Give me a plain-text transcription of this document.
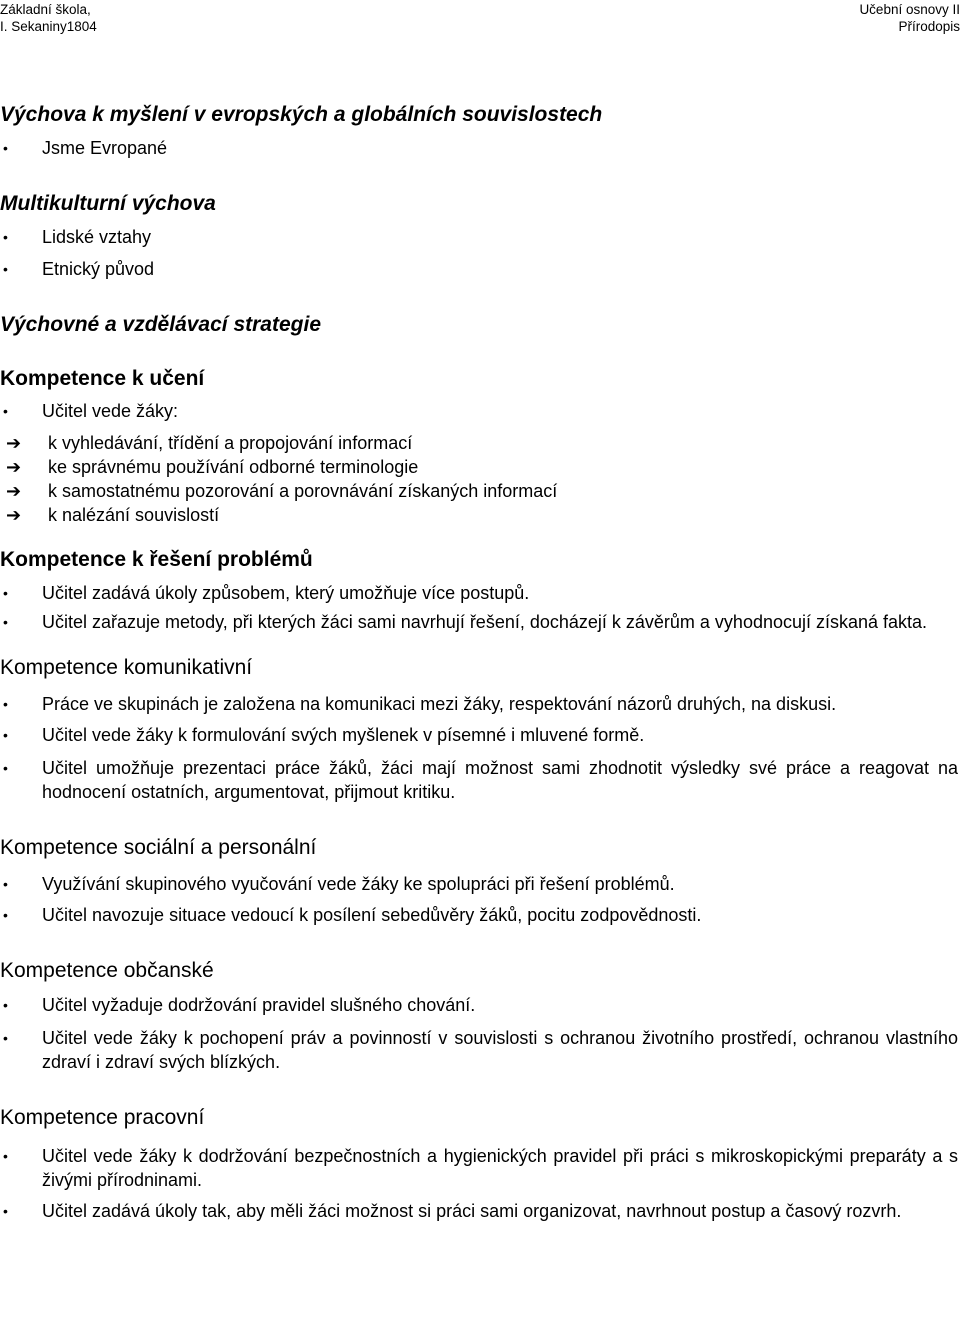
Základní škola,
I. Sekaniny1804
Učební osnovy II
Přírodopis
Výchova k myšlení v evropských a globálních souvislostech
• Jsme Evropané
Multikulturní výchova
• Lidské vztahy
• Etnický původ
Výchovné a vzdělávací strategie
Kompetence k učení
• Učitel vede žáky:
➔ k vyhledávání, třídění a propojování informací
➔ ke správnému používání odborné terminologie
➔ k samostatnému pozorování a porovnávání získaných informací
➔ k nalézání souvislostí
Kompetence k řešení problémů
• Učitel zadává úkoly způsobem, který umožňuje více postupů.
• Učitel zařazuje metody, při kterých žáci sami navrhují řešení, docházejí k závěrům a vyhodnocují získaná fakta.
Kompetence komunikativní
• Práce ve skupinách je založena na komunikaci mezi žáky, respektování názorů druhých, na diskusi.
• Učitel vede žáky k formulování svých myšlenek v písemné i mluvené formě.
• Učitel umožňuje prezentaci práce žáků, žáci mají možnost sami zhodnotit výsledky své práce a reagovat na hodnocení ostatních, argumentovat, přijmout kritiku.
Kompetence sociální a personální
• Využívání skupinového vyučování vede žáky ke spolupráci při řešení problémů.
• Učitel navozuje situace vedoucí k posílení sebedůvěry žáků, pocitu zodpovědnosti.
Kompetence občanské
• Učitel vyžaduje dodržování pravidel slušného chování.
• Učitel vede žáky k pochopení práv a povinností v souvislosti s ochranou životního prostředí, ochranou vlastního zdraví i zdraví svých blízkých.
Kompetence pracovní
• Učitel vede žáky k dodržování bezpečnostních a hygienických pravidel při práci s mikroskopickými preparáty a s živými přírodninami.
• Učitel zadává úkoly tak, aby měli žáci možnost si práci sami organizovat, navrhnout postup a časový rozvrh.
